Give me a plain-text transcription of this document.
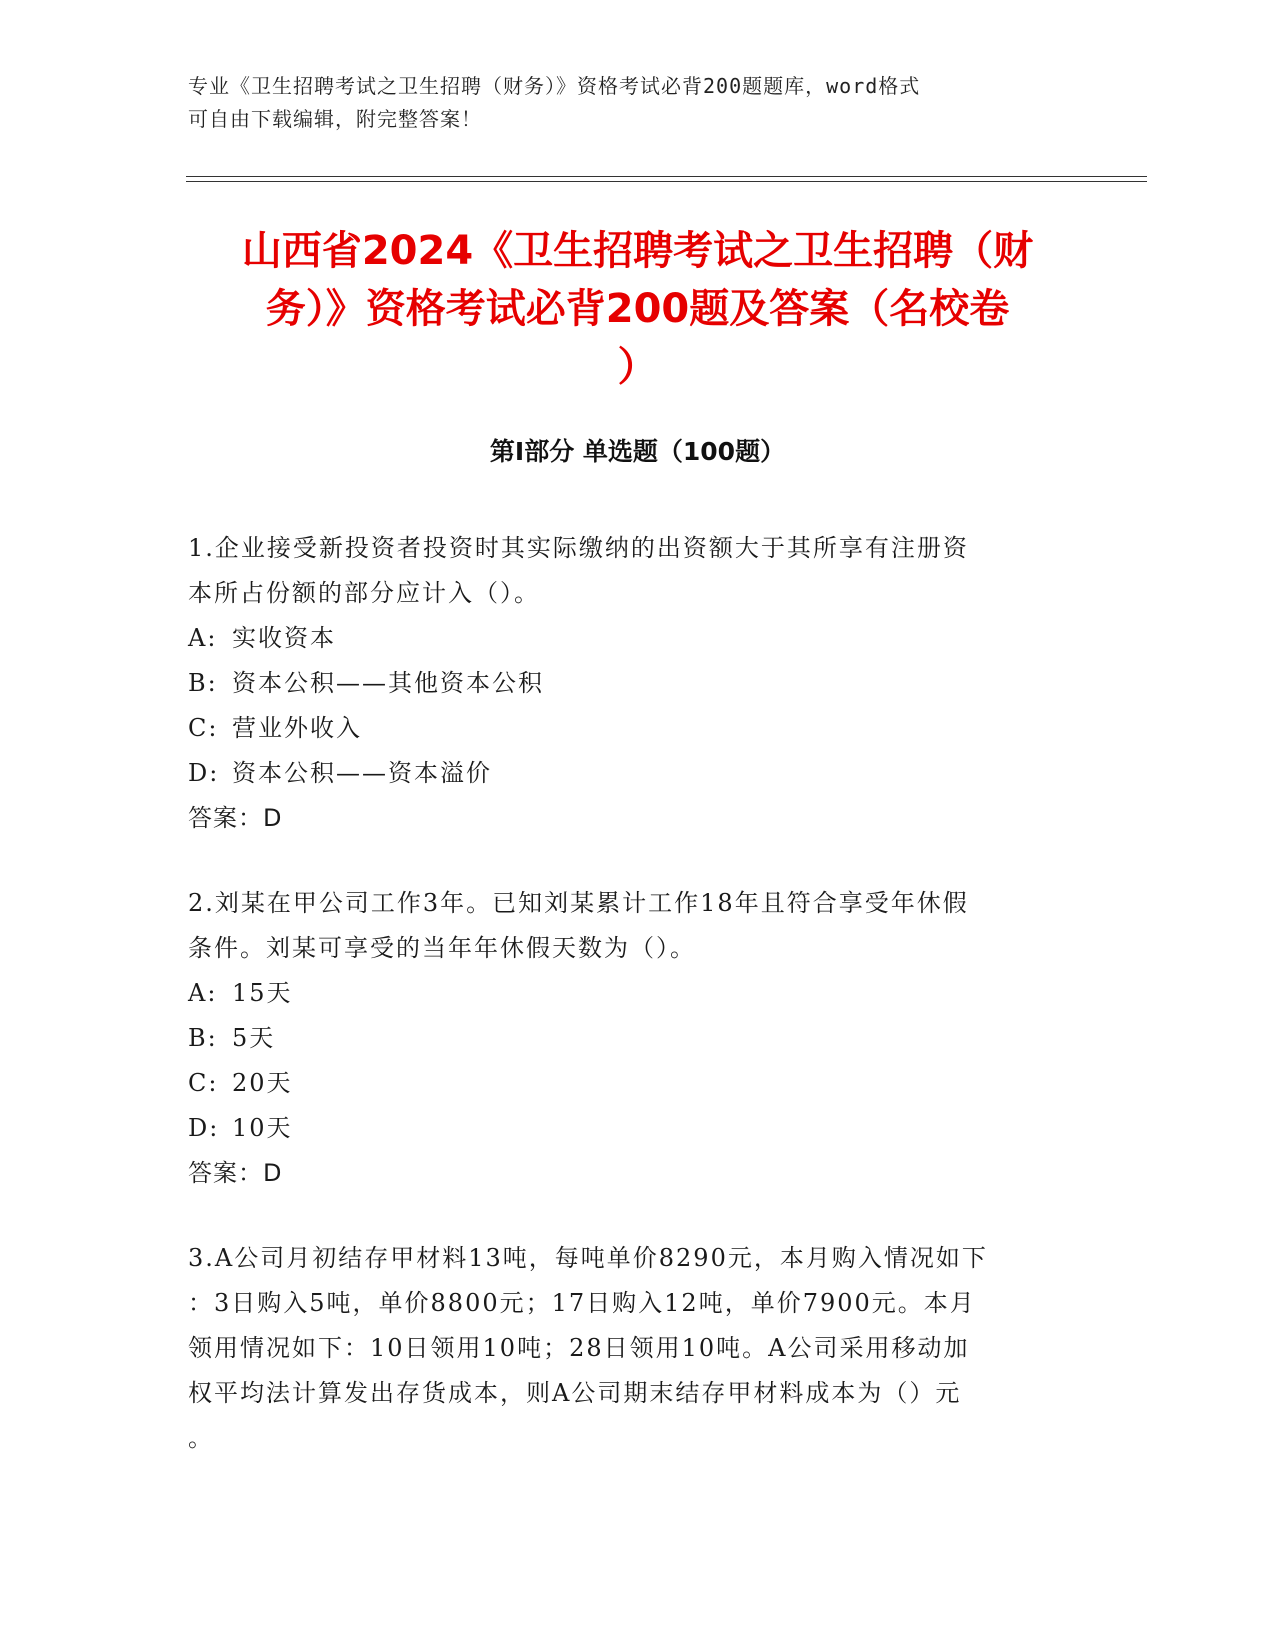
专业《卫生招聘考试之卫生招聘（财务）》资格考试必背200题题库，word格式
可自由下载编辑，附完整答案！
山西省2024《卫生招聘考试之卫生招聘（财
务）》资格考试必背200题及答案（名校卷
）
第I部分 单选题（100题）

1.企业接受新投资者投资时其实际缴纳的出资额大于其所享有注册资

本所占份额的部分应计入（）。

A: 实收资本
B: 资本公积——其他资本公积
C: 营业外收入
D: 资本公积——资本溢价

答案：D

2.刘某在甲公司工作3年。已知刘某累计工作18年且符合享受年休假

条件。刘某可享受的当年年休假天数为（）。

A: 15天
B: 5天
C: 20天
D: 10天

答案：D

3.A公司月初结存甲材料13吨，每吨单价8290元，本月购入情况如下

：3日购入5吨，单价8800元；17日购入12吨，单价7900元。本月

领用情况如下：10日领用10吨；28日领用10吨。A公司采用移动加

权平均法计算发出存货成本，则A公司期末结存甲材料成本为（）元

。
